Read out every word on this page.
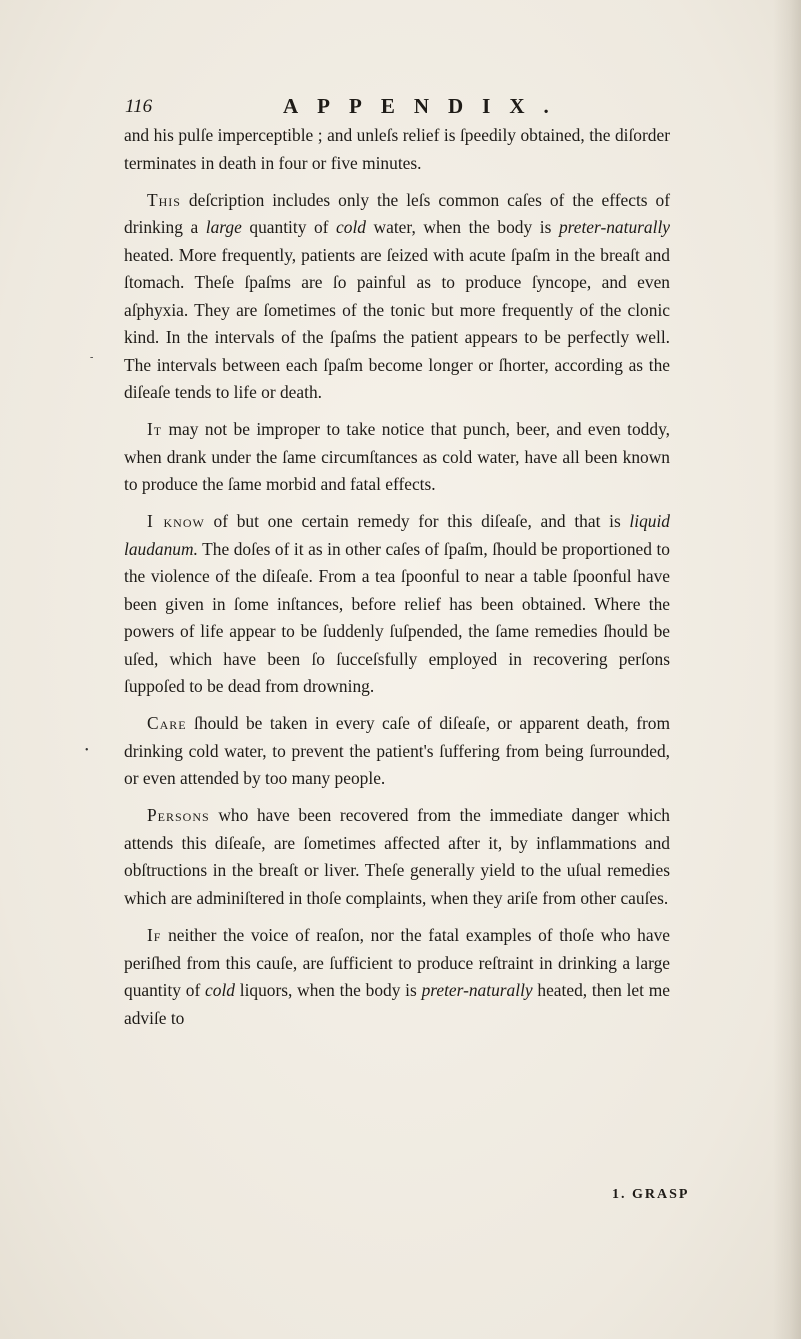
116	APPENDIX.

and his pulſe imperceptible ; and unleſs relief is ſpeedily obtained, the diſorder terminates in death in four or five minutes.

This deſcription includes only the leſs common caſes of the effects of drinking a large quantity of cold water, when the body is preter-naturally heated. More frequently, patients are ſeized with acute ſpaſm in the breaſt and ſtomach. Theſe ſpaſms are ſo painful as to produce ſyncope, and even aſphyxia. They are ſometimes of the tonic but more frequently of the clonic kind. In the intervals of the ſpaſms the patient appears to be perfectly well. The intervals between each ſpaſm become longer or ſhorter, according as the diſeaſe tends to life or death.

It may not be improper to take notice that punch, beer, and even toddy, when drank under the ſame circumſtances as cold water, have all been known to produce the ſame morbid and fatal effects.

I know of but one certain remedy for this diſeaſe, and that is liquid laudanum. The doſes of it as in other caſes of ſpaſm, ſhould be proportioned to the violence of the diſeaſe. From a tea ſpoonful to near a table ſpoonful have been given in ſome inſtances, before relief has been obtained. Where the powers of life appear to be ſuddenly ſuſpended, the ſame remedies ſhould be uſed, which have been ſo ſucceſsfully employed in recovering perſons ſuppoſed to be dead from drowning.

Care ſhould be taken in every caſe of diſeaſe, or apparent death, from drinking cold water, to prevent the patient's ſuffering from being ſurrounded, or even attended by too many people.

Persons who have been recovered from the immediate danger which attends this diſeaſe, are ſometimes affected after it, by inflammations and obſtructions in the breaſt or liver. Theſe generally yield to the uſual remedies which are adminiſtered in thoſe complaints, when they ariſe from other cauſes.

If neither the voice of reaſon, nor the fatal examples of thoſe who have periſhed from this cauſe, are ſufficient to produce reſtraint in drinking a large quantity of cold liquors, when the body is preter-naturally heated, then let me adviſe to

•
-
1. GRASP
